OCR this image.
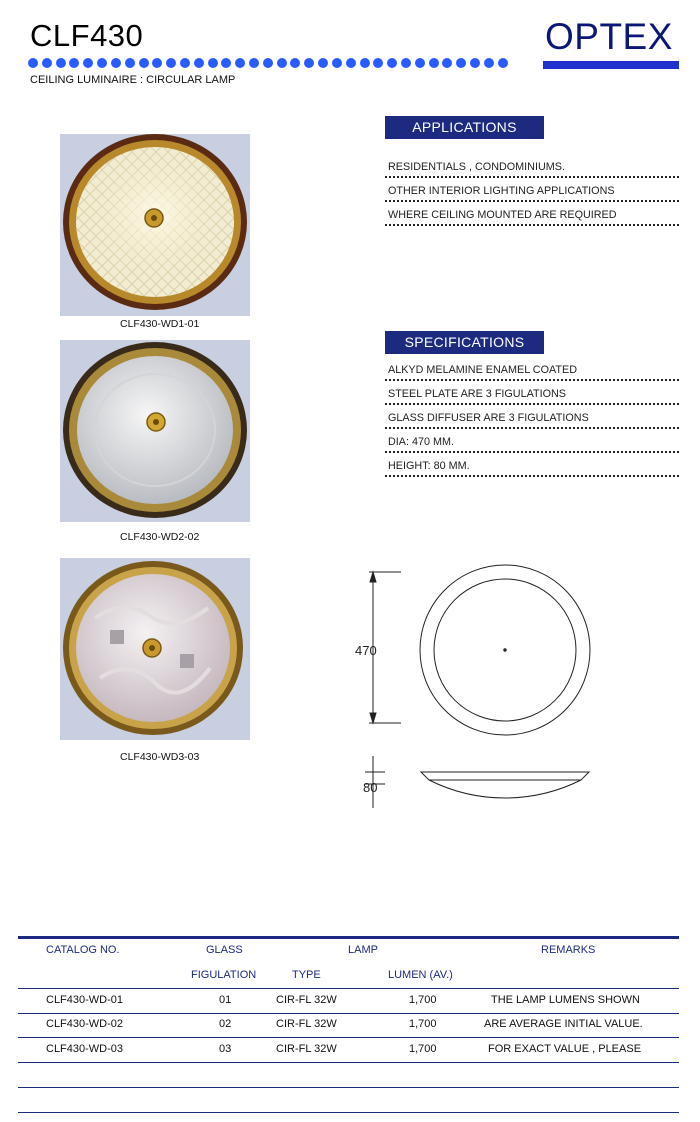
CLF430	OPTEX
CEILING LUMINAIRE : CIRCULAR LAMP
CLF430-WD1-01
CLF430-WD2-02
CLF430-WD3-03
APPLICATIONS
RESIDENTIALS , CONDOMINIUMS.
OTHER INTERIOR LIGHTING APPLICATIONS
WHERE CEILING MOUNTED ARE REQUIRED
SPECIFICATIONS
ALKYD MELAMINE ENAMEL COATED
STEEL PLATE ARE 3 FIGULATIONS
GLASS DIFFUSER ARE 3 FIGULATIONS
DIA: 470 MM.
HEIGHT: 80 MM.
470
80
CATALOG NO.	GLASS	LAMP	REMARKS
FIGULATION	TYPE	LUMEN (AV.)
CLF430-WD-01	01	CIR-FL 32W	1,700	THE LAMP LUMENS SHOWN
CLF430-WD-02	02	CIR-FL 32W	1,700	ARE AVERAGE INITIAL VALUE.
CLF430-WD-03	03	CIR-FL 32W	1,700	FOR EXACT VALUE , PLEASE
